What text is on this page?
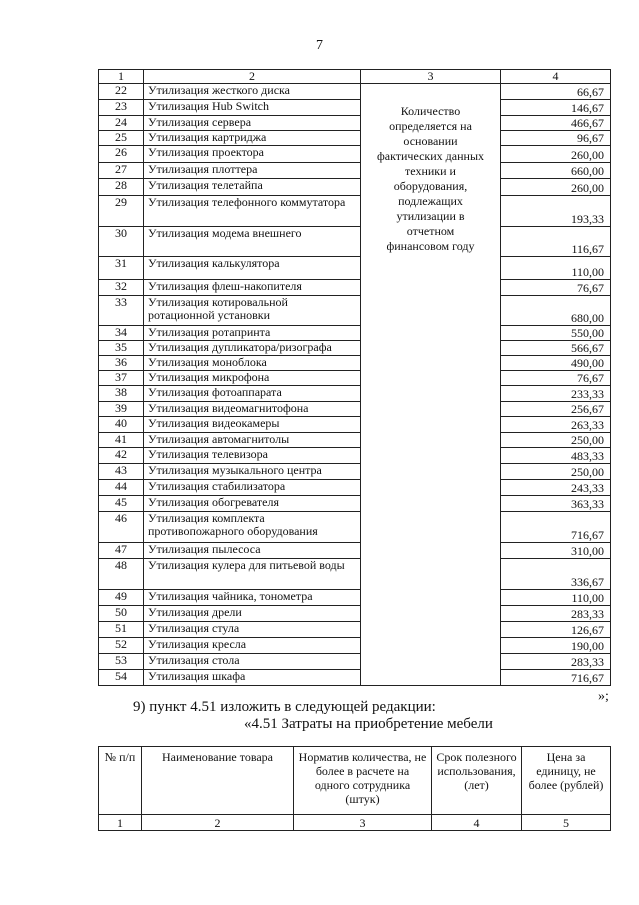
7
1	2	3	4
22	Утилизация жесткого диска	Количество определяется на основании фактических данных техники и оборудования, подлежащих утилизации в отчетном финансовом году	66,67
23	Утилизация Hub Switch		146,67
24	Утилизация сервера		466,67
25	Утилизация картриджа		96,67
26	Утилизация проектора		260,00
27	Утилизация плоттера		660,00
28	Утилизация телетайпа		260,00
29	Утилизация телефонного коммутатора		193,33
30	Утилизация модема внешнего		116,67
31	Утилизация калькулятора		110,00
32	Утилизация флеш-накопителя		76,67
33	Утилизация котировальной ротационной установки		680,00
34	Утилизация ротапринта		550,00
35	Утилизация дупликатора/ризографа		566,67
36	Утилизация моноблока		490,00
37	Утилизация микрофона		76,67
38	Утилизация фотоаппарата		233,33
39	Утилизация видеомагнитофона		256,67
40	Утилизация видеокамеры		263,33
41	Утилизация автомагнитолы		250,00
42	Утилизация телевизора		483,33
43	Утилизация музыкального центра		250,00
44	Утилизация стабилизатора		243,33
45	Утилизация обогревателя		363,33
46	Утилизация комплекта противопожарного оборудования		716,67
47	Утилизация пылесоса		310,00
48	Утилизация кулера для питьевой воды		336,67
49	Утилизация чайника, тонометра		110,00
50	Утилизация дрели		283,33
51	Утилизация стула		126,67
52	Утилизация кресла		190,00
53	Утилизация стола		283,33
54	Утилизация шкафа		716,67
»;
9) пункт 4.51 изложить в следующей редакции:
«4.51 Затраты на приобретение мебели
№ п/п	Наименование товара	Норматив количества, не более в расчете на одного сотрудника (штук)	Срок полезного использования, (лет)	Цена за единицу, не более (рублей)
1	2	3	4	5
